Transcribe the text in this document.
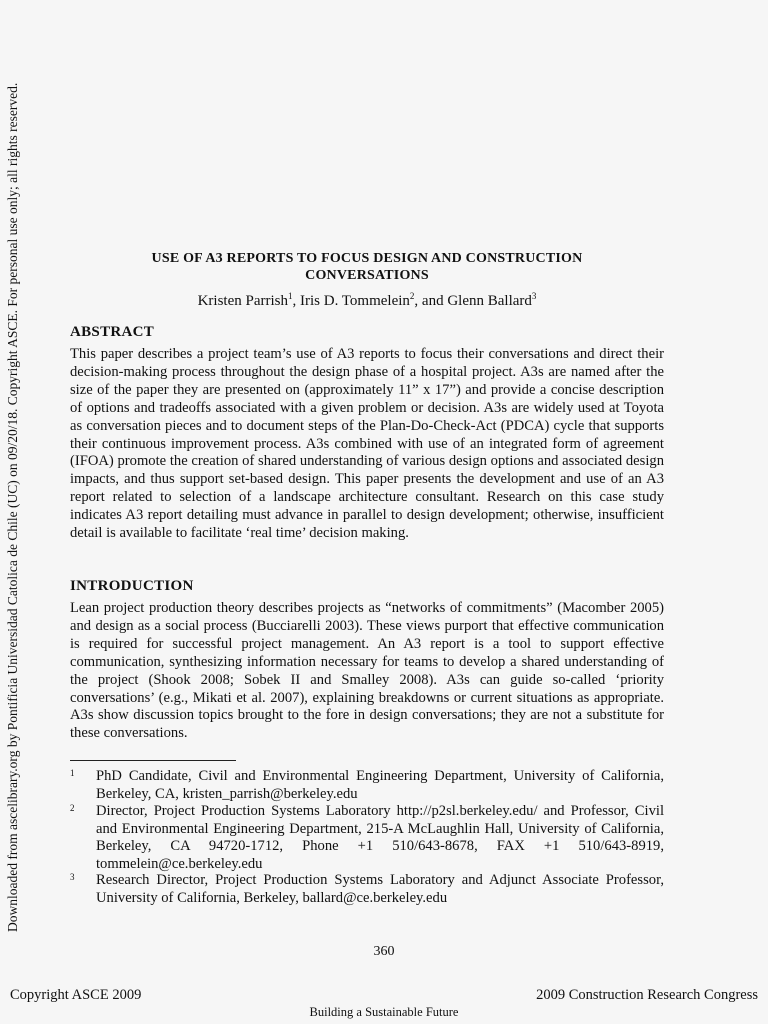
Downloaded from ascelibrary.org by Pontificia Universidad Catolica de Chile (UC) on 09/20/18. Copyright ASCE. For personal use only; all rights reserved.	USE OF A3 REPORTS TO FOCUS DESIGN AND CONSTRUCTION
CONVERSATIONS
Kristen Parrish$^1$, Iris D. Tommelein$^2$, and Glenn Ballard$^3$
ABSTRACT

This paper describes a project team’s use of A3 reports to focus their conversations and direct their decision-making process throughout the design phase of a hospital project. A3s are named after the size of the paper they are presented on (approximately 11” x 17”) and provide a concise description of options and tradeoffs associated with a given problem or decision. A3s are widely used at Toyota as conversation pieces and to document steps of the Plan-Do-Check-Act (PDCA) cycle that supports their continuous improvement process. A3s combined with use of an integrated form of agreement (IFOA) promote the creation of shared understanding of various design options and associated design impacts, and thus support set-based design. This paper presents the development and use of an A3 report related to selection of a landscape architecture consultant. Research on this case study indicates A3 report detailing must advance in parallel to design development; otherwise, insufficient detail is available to facilitate ‘real time’ decision making.

INTRODUCTION

Lean project production theory describes projects as “networks of commitments” (Macomber 2005) and design as a social process (Bucciarelli 2003). These views purport that effective communication is required for successful project management. An A3 report is a tool to support effective communication, synthesizing information necessary for teams to develop a shared understanding of the project (Shook 2008; Sobek II and Smalley 2008). A3s can guide so-called ‘priority conversations’ (e.g., Mikati et al. 2007), explaining breakdowns or current situations as appropriate. A3s show discussion topics brought to the fore in design conversations; they are not a substitute for these conversations.

1 PhD Candidate, Civil and Environmental Engineering Department, University of California, Berkeley, CA, kristen_parrish@berkeley.edu
2 Director, Project Production Systems Laboratory http://p2sl.berkeley.edu/ and Professor, Civil and Environmental Engineering Department, 215-A McLaughlin Hall, University of California, Berkeley, CA 94720-1712, Phone +1 510/643-8678, FAX +1 510/643-8919, tommelein@ce.berkeley.edu
3 Research Director, Project Production Systems Laboratory and Adjunct Associate Professor, University of California, Berkeley, ballard@ce.berkeley.edu
360
Copyright ASCE 2009	2009 Construction Research Congress
Building a Sustainable Future
